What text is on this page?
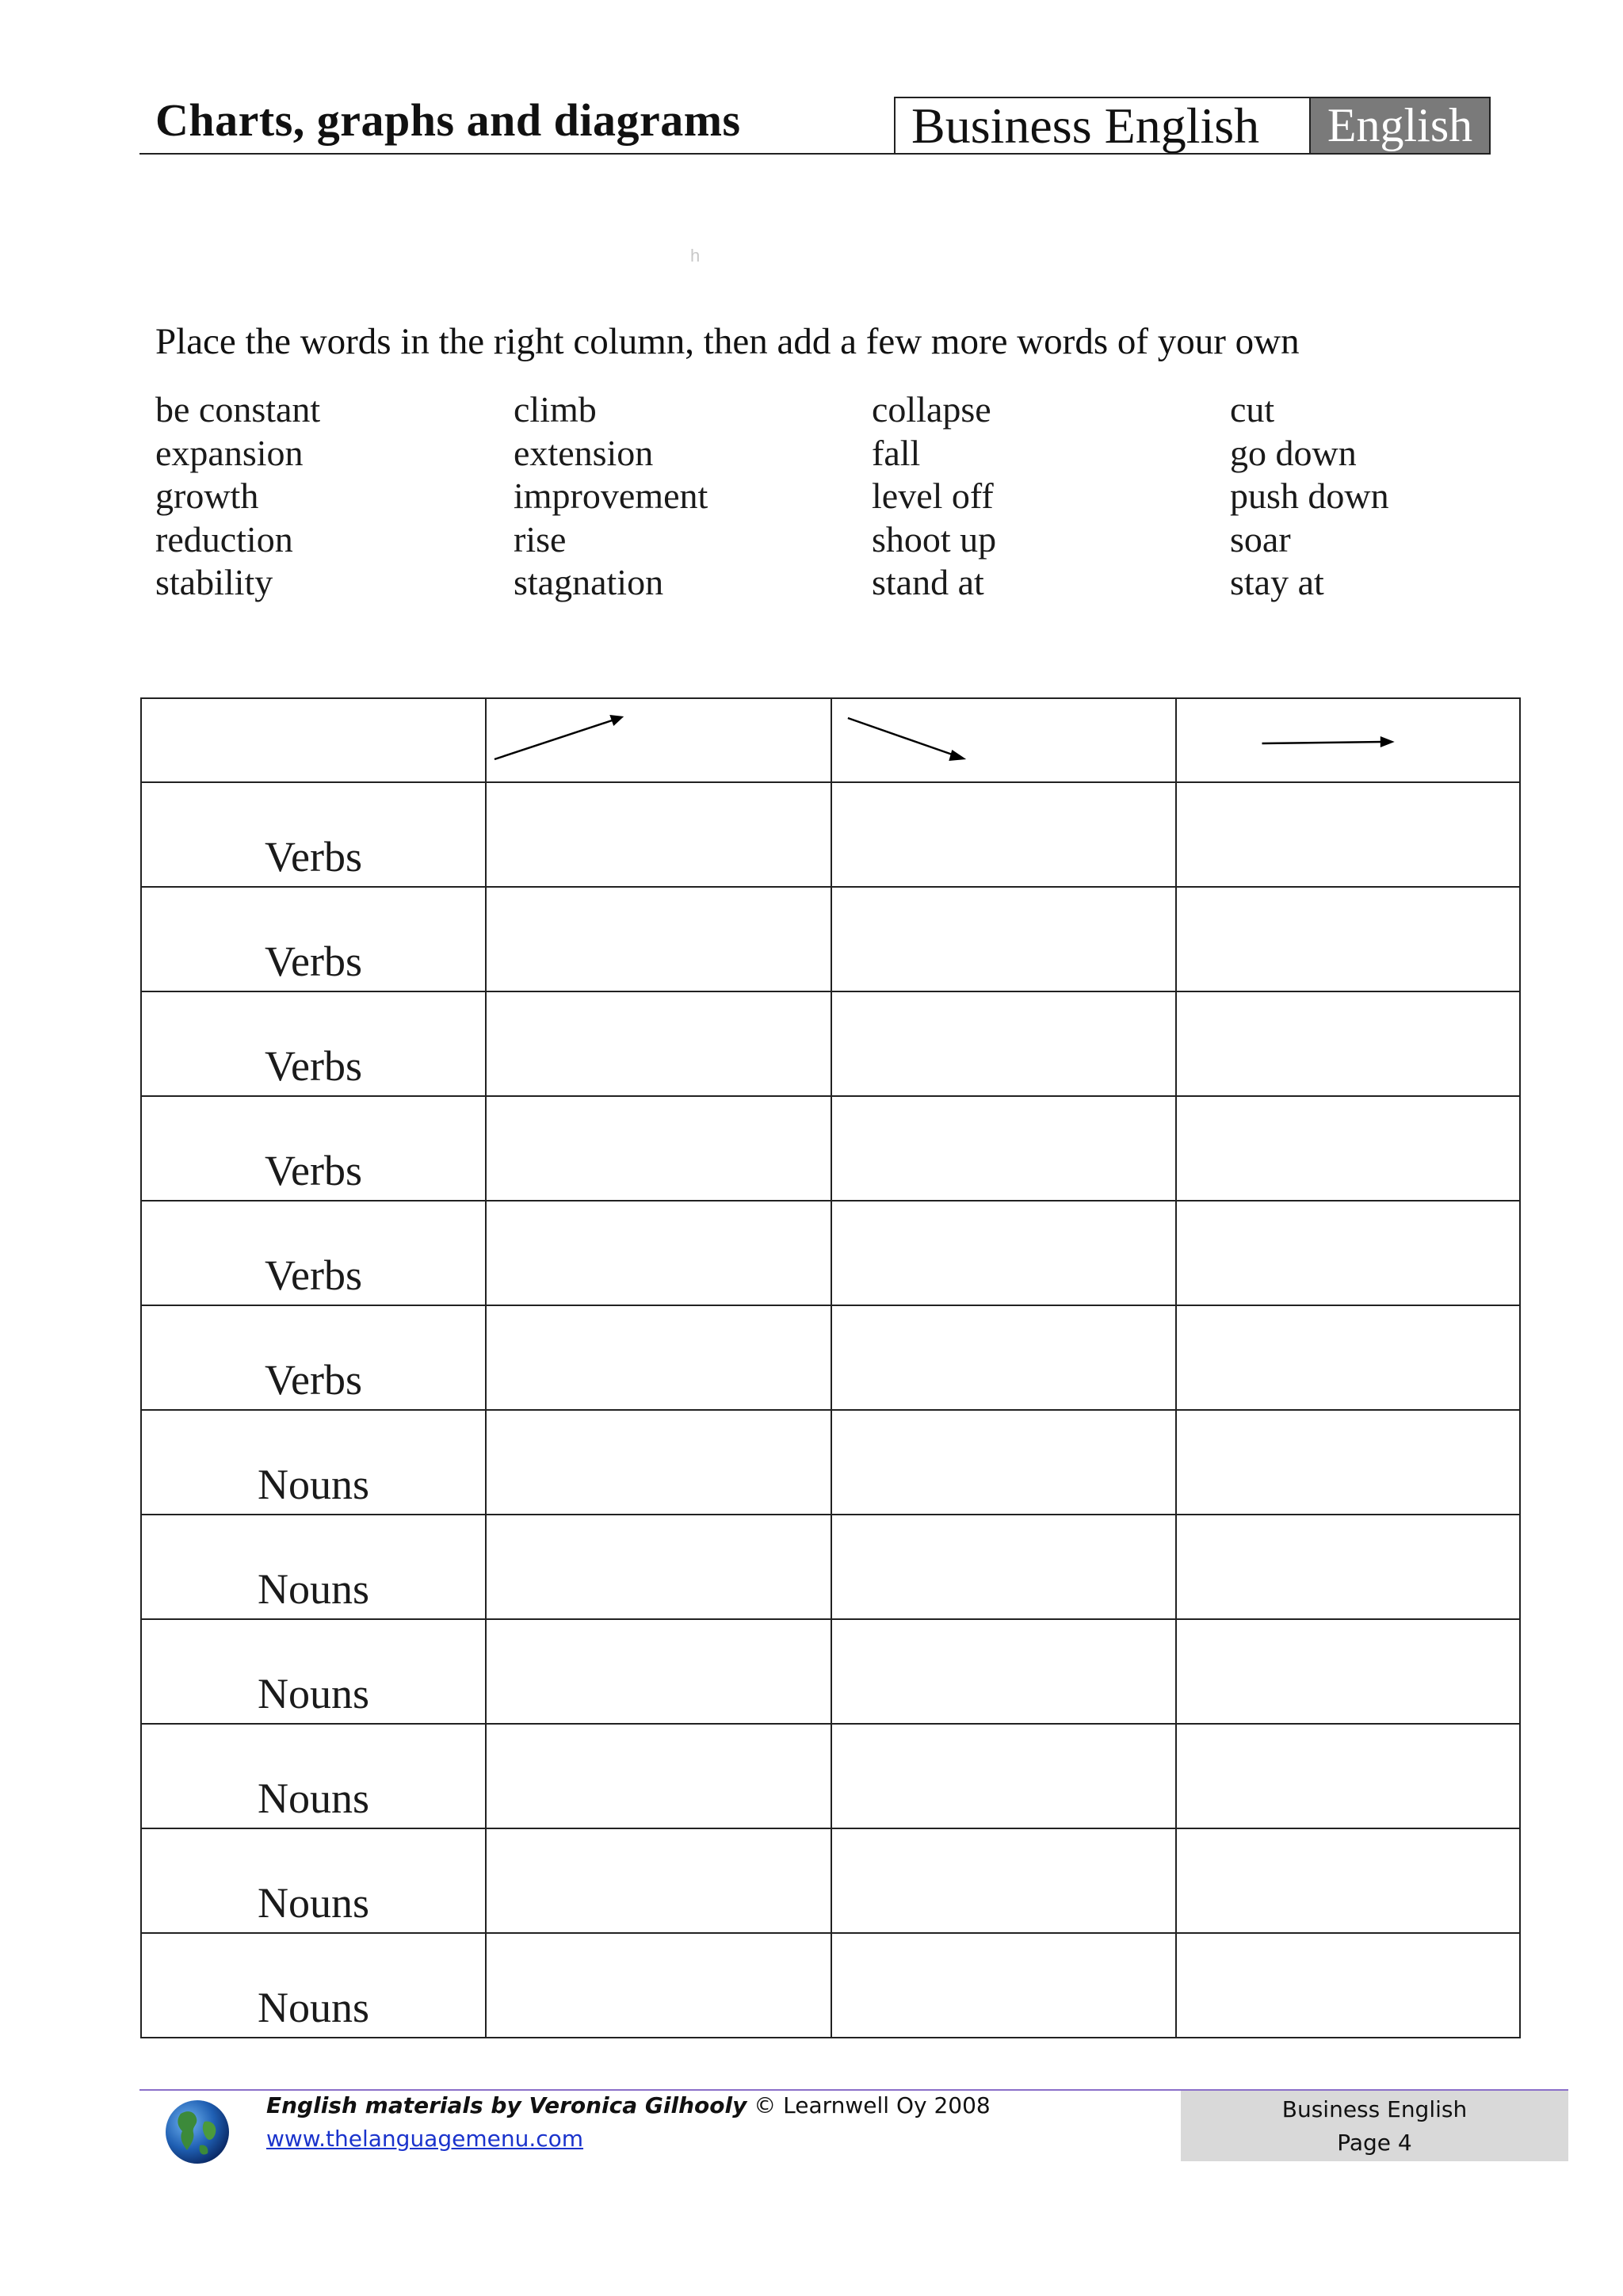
Charts, graphs and diagrams	Business English	English
h
Place the words in the right column, then add a few more words of your own
be constant
expansion
growth
reduction
stability
climb
extension
improvement
rise
stagnation
collapse
fall
level off
shoot up
stand at
cut
go down
push down
soar
stay at

Verbs			
Verbs			
Verbs			
Verbs			
Verbs			
Verbs			
Nouns			
Nouns			
Nouns			
Nouns			
Nouns			
Nouns			
English materials by Veronica Gilhooly © Learnwell Oy 2008
www.thelanguagemenu.com
Business English
Page 4
